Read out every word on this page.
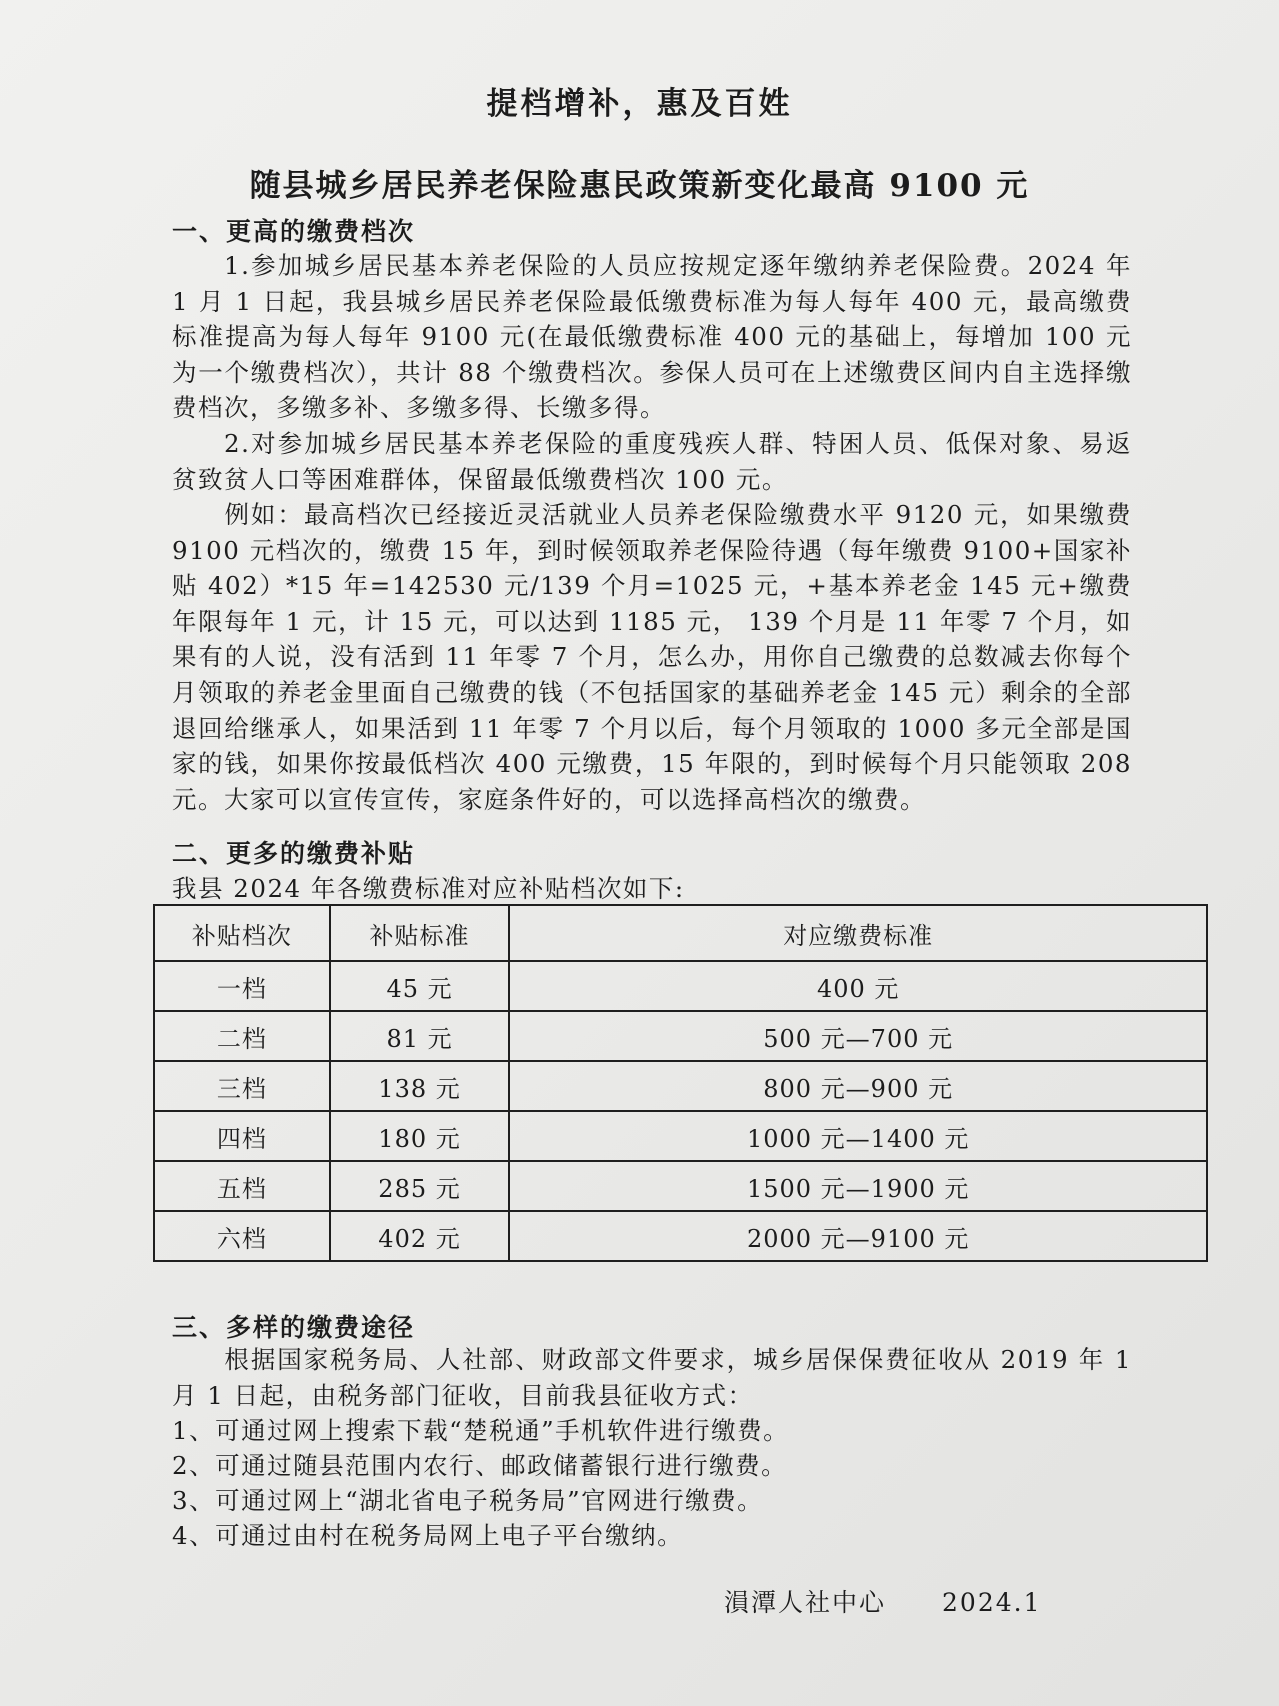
提档增补，惠及百姓
随县城乡居民养老保险惠民政策新变化最高 9100 元
一、更高的缴费档次

1.参加城乡居民基本养老保险的人员应按规定逐年缴纳养老保险费。2024 年 1 月 1 日起，我县城乡居民养老保险最低缴费标准为每人每年 400 元，最高缴费标准提高为每人每年 9100 元(在最低缴费标准 400 元的基础上，每增加 100 元为一个缴费档次），共计 88 个缴费档次。参保人员可在上述缴费区间内自主选择缴费档次，多缴多补、多缴多得、长缴多得。

2.对参加城乡居民基本养老保险的重度残疾人群、特困人员、低保对象、易返贫致贫人口等困难群体，保留最低缴费档次 100 元。

例如：最高档次已经接近灵活就业人员养老保险缴费水平 9120 元，如果缴费 9100 元档次的，缴费 15 年，到时候领取养老保险待遇（每年缴费 9100+国家补贴 402）*15 年=142530 元/139 个月=1025 元，+基本养老金 145 元+缴费年限每年 1 元，计 15 元，可以达到 1185 元， 139 个月是 11 年零 7 个月，如果有的人说，没有活到 11 年零 7 个月，怎么办，用你自己缴费的总数减去你每个月领取的养老金里面自己缴费的钱（不包括国家的基础养老金 145 元）剩余的全部退回给继承人，如果活到 11 年零 7 个月以后，每个月领取的 1000 多元全部是国家的钱，如果你按最低档次 400 元缴费，15 年限的，到时候每个月只能领取 208 元。大家可以宣传宣传，家庭条件好的，可以选择高档次的缴费。

二、更多的缴费补贴
我县 2024 年各缴费标准对应补贴档次如下:
补贴档次	补贴标准	对应缴费标准
一档	45 元	400 元
二档	81 元	500 元—700 元
三档	138 元	800 元—900 元
四档	180 元	1000 元—1400 元
五档	285 元	1500 元—1900 元
六档	402 元	2000 元—9100 元
三、多样的缴费途径

根据国家税务局、人社部、财政部文件要求，城乡居保保费征收从 2019 年 1 月 1 日起，由税务部门征收，目前我县征收方式：

1、可通过网上搜索下载“楚税通”手机软件进行缴费。
2、可通过随县范围内农行、邮政储蓄银行进行缴费。
3、可通过网上“湖北省电子税务局”官网进行缴费。
4、可通过由村在税务局网上电子平台缴纳。
溳潭人社中心 2024.1
